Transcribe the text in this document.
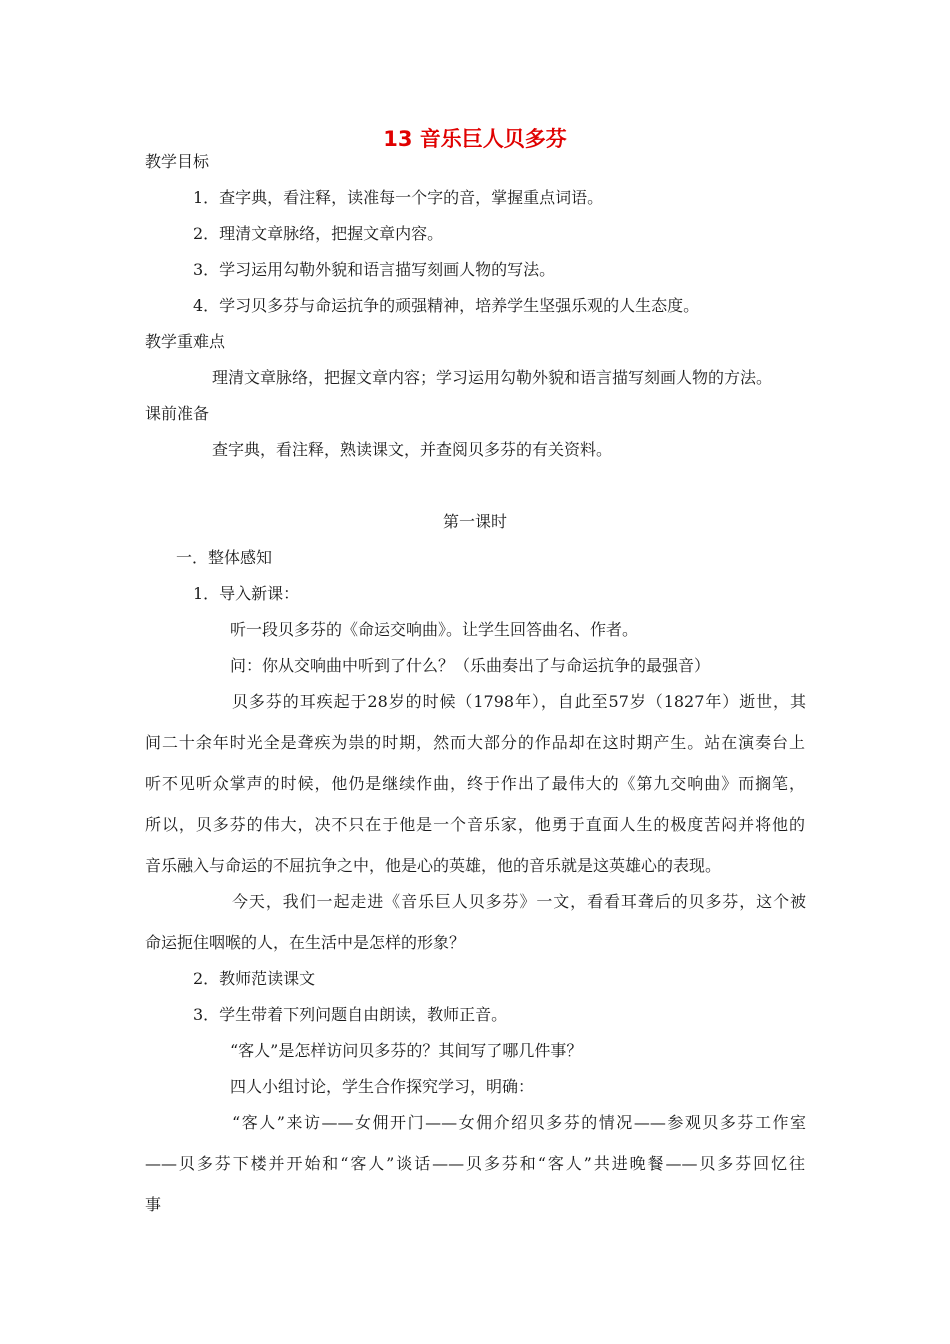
13 音乐巨人贝多芬
教学目标
1．查字典，看注释，读准每一个字的音，掌握重点词语。
2．理清文章脉络，把握文章内容。
3．学习运用勾勒外貌和语言描写刻画人物的写法。
4．学习贝多芬与命运抗争的顽强精神，培养学生坚强乐观的人生态度。
教学重难点
理清文章脉络，把握文章内容；学习运用勾勒外貌和语言描写刻画人物的方法。
课前准备
查字典，看注释，熟读课文，并查阅贝多芬的有关资料。
第一课时
一．整体感知
1．导入新课：
听一段贝多芬的《命运交响曲》。让学生回答曲名、作者。
问：你从交响曲中听到了什么？（乐曲奏出了与命运抗争的最强音）
贝多芬的耳疾起于28岁的时候（1798年），自此至57岁（1827年）逝世，其
间二十余年时光全是聋疾为祟的时期，然而大部分的作品却在这时期产生。站在演奏台上
听不见听众掌声的时候，他仍是继续作曲，终于作出了最伟大的《第九交响曲》而搁笔，
所以，贝多芬的伟大，决不只在于他是一个音乐家，他勇于直面人生的极度苦闷并将他的
音乐融入与命运的不屈抗争之中，他是心的英雄，他的音乐就是这英雄心的表现。
今天，我们一起走进《音乐巨人贝多芬》一文，看看耳聋后的贝多芬，这个被
命运扼住咽喉的人，在生活中是怎样的形象？
2．教师范读课文
3．学生带着下列问题自由朗读，教师正音。
“客人”是怎样访问贝多芬的？其间写了哪几件事？
四人小组讨论，学生合作探究学习，明确：
“客人”来访——女佣开门——女佣介绍贝多芬的情况——参观贝多芬工作室
——贝多芬下楼并开始和“客人”谈话——贝多芬和“客人”共进晚餐——贝多芬回忆往
事
